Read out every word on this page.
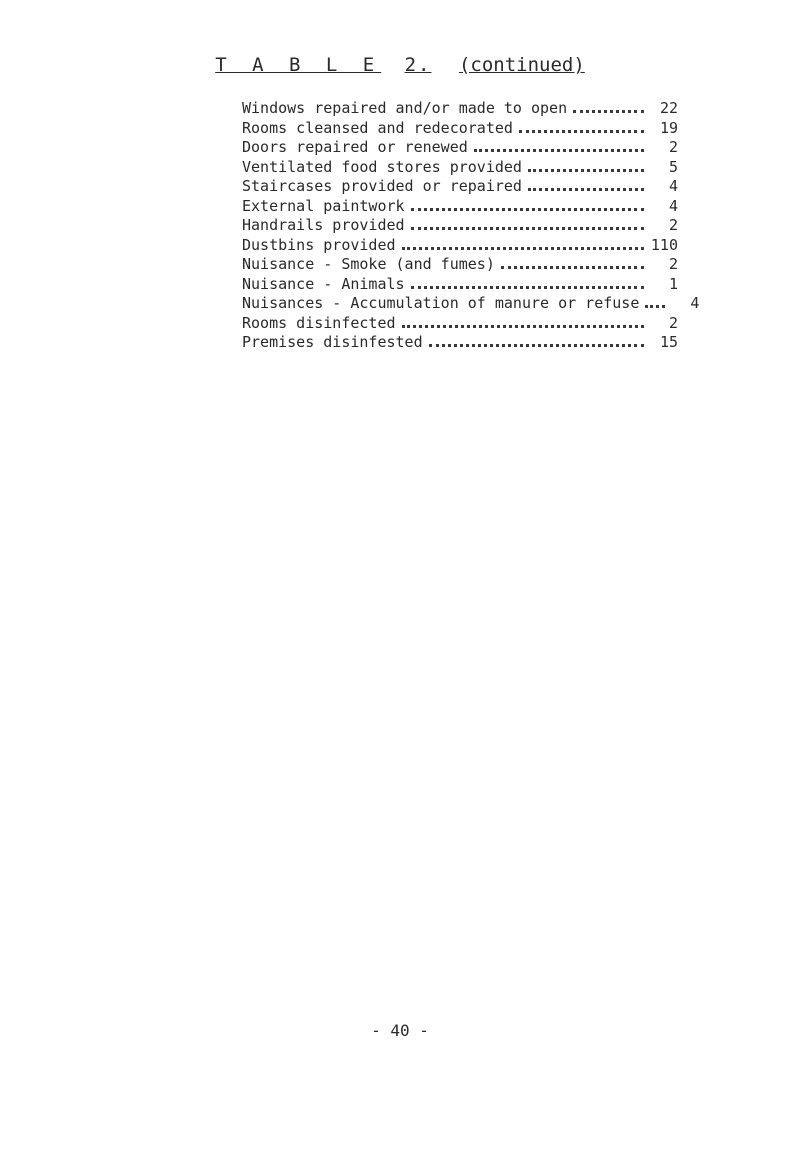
T A B L E 2. (continued)
Windows repaired and/or made to open	22
Rooms cleansed and redecorated	19
Doors repaired or renewed	2
Ventilated food stores provided	5
Staircases provided or repaired	4
External paintwork	4
Handrails provided	2
Dustbins provided	110
Nuisance - Smoke (and fumes)	2
Nuisance - Animals	1
Nuisances - Accumulation of manure or refuse	4
Rooms disinfected	2
Premises disinfested	15
- 40 -
